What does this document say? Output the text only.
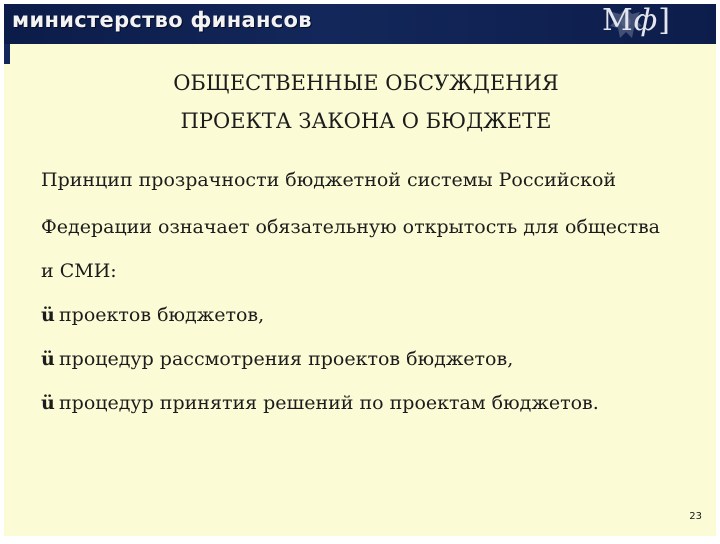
министерство финансов	Мф]
ОБЩЕСТВЕННЫЕ ОБСУЖДЕНИЯ
ПРОЕКТА ЗАКОНА О БЮДЖЕТЕ
Принцип прозрачности бюджетной системы Российской
Федерации означает обязательную открытость для общества
и СМИ:
ü проектов бюджетов,
ü процедур рассмотрения проектов бюджетов,
ü процедур принятия решений по проектам бюджетов.
23
